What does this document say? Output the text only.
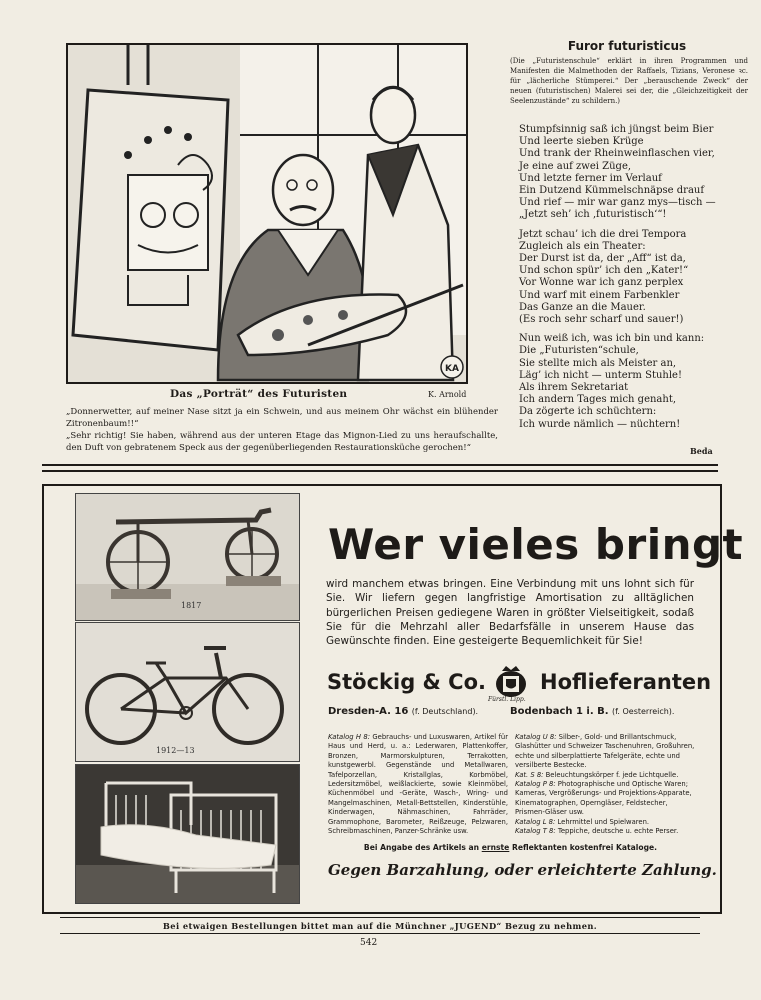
KA
Das „Porträt“ des Futuristen	K. Arnold

„Donnerwetter, auf meiner Nase sitzt ja ein Schwein, und aus meinem Ohr wächst ein blühender Zitronenbaum!!“

„Sehr richtig! Sie haben, während aus der unteren Etage das Mignon-Lied zu uns heraufschallte, den Duft von gebratenem Speck aus der gegenüberliegenden Restaurationsküche gerochen!“

Furor futuristicus
(Die „Futuristenschule“ erklärt in ihren Programmen und Manifesten die Malmethoden der Raffaels, Tizians, Veronese ꝛc. für „lächerliche Stümperei.“ Der „berauschende Zweck“ der neuen (futuristischen) Malerei sei der, die „Gleichzeitigkeit der Seelenzustände“ zu schildern.)
Stumpfsinnig saß ich jüngst beim Bier
Und leerte sieben Krüge
Und trank der Rheinweinflaschen vier,
Je eine auf zwei Züge,
Und letzte ferner im Verlauf
Ein Dutzend Kümmelschnäpse drauf
Und rief — mir war ganz mys—tisch —
„Jetzt seh’ ich ‚futuristisch‘“!
Jetzt schau’ ich die drei Tempora
Zugleich als ein Theater:
Der Durst ist da, der „Aff“ ist da,
Und schon spür’ ich den „Kater!“
Vor Wonne war ich ganz perplex
Und warf mit einem Farbenkler
Das Ganze an die Mauer.
(Es roch sehr scharf und sauer!)
Nun weiß ich, was ich bin und kann:
Die „Futuristen“schule,
Sie stellte mich als Meister an,
Läg’ ich nicht — unterm Stuhle!
Als ihrem Sekretariat
Ich andern Tages mich genaht,
Da zögerte ich schüchtern:
Ich wurde nämlich — nüchtern!
Beda
1817
1912—13
Wer vieles bringt
wird manchem etwas bringen. Eine Verbindung mit uns lohnt sich für Sie. Wir liefern gegen langfristige Amortisation zu alltäglichen bürgerlichen Preisen gediegene Waren in größter Vielseitigkeit, sodaß Sie für die Mehrzahl aller Bedarfsfälle in unserem Hause das Gewünschte finden. Eine gesteigerte Bequemlichkeit für Sie!
Stöckig & Co.
Fürstl. Lipp.
Hoflieferanten
Dresden-A. 16 (f. Deutschland).	Bodenbach 1 i. B. (f. Oesterreich).
Katalog H 8: Gebrauchs- und Luxuswaren, Artikel für Haus und Herd, u. a.: Lederwaren, Plattenkoffer, Bronzen, Marmorskulpturen, Terrakotten, kunstgewerbl. Gegenstände und Metallwaren, Tafelporzellan, Kristallglas, Korbmöbel, Ledersitzmöbel, weißlackierte, sowie Kleinmöbel, Küchenmöbel und -Geräte, Wasch-, Wring- und Mangelmaschinen, Metall-Bettstellen, Kinderstühle, Kinderwagen, Nähmaschinen, Fahrräder, Grammophone, Barometer, Reißzeuge, Pelzwaren, Schreibmaschinen, Panzer-Schränke usw.
Katalog U 8: Silber-, Gold- und Brillantschmuck, Glashütter und Schweizer Taschenuhren, Großuhren, echte und silberplattierte Tafelgeräte, echte und versilberte Bestecke.
Kat. S 8: Beleuchtungskörper f. jede Lichtquelle.
Katalog P 8: Photographische und Optische Waren; Kameras, Vergrößerungs- und Projektions-Apparate, Kinematographen, Operngläser, Feldstecher, Prismen-Gläser usw.
Katalog L 8: Lehrmittel und Spielwaren.
Katalog T 8: Teppiche, deutsche u. echte Perser.
Bei Angabe des Artikels an ernste Reflektanten kostenfrei Kataloge.
Gegen Barzahlung, oder erleichterte Zahlung.
Bei etwaigen Bestellungen bittet man auf die Münchner „JUGEND“ Bezug zu nehmen.
542
